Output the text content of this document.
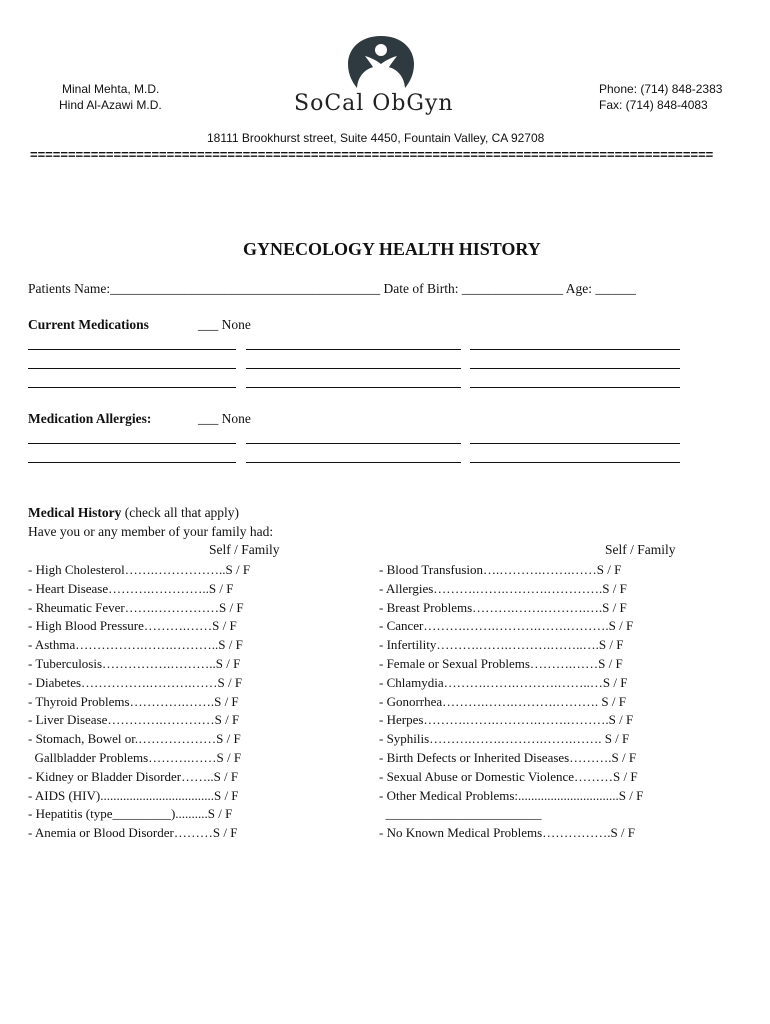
Minal Mehta, M.D.
Hind Al-Azawi M.D.
Phone: (714) 848-2383
Fax: (714) 848-4083
SoCal ObGyn
18111 Brookhurst street, Suite 4450, Fountain Valley, CA 92708
==========================================================================================
GYNECOLOGY HEALTH HISTORY
Patients Name:________________________________________ Date of Birth: _______________ Age: ______
Current Medications	___ None
Medication Allergies:	___ None
Medical History (check all that apply)
Have you or any member of your family had:
Self / Family	Self / Family
- High Cholesterol…….……………..S / F
- Heart Disease……….…………..S / F
- Rheumatic Fever…….……………S / F
- High Blood Pressure……….……S / F
- Asthma…………….…….………..S / F
- Tuberculosis…………….………..S / F
- Diabetes…………….……….……S / F
- Thyroid Problems………….…….S / F
- Liver Disease………….…………S / F
- Stomach, Bowel or.………………S / F
Gallbladder Problems……….……S / F
- Kidney or Bladder Disorder……..S / F
- AIDS (HIV)...................................S / F
- Hepatitis (type_________)..........S / F
- Anemia or Blood Disorder………S / F
- Blood Transfusion….……….…….……S / F
- Allergies……….…….……….………….S / F
- Breast Problems……….…….……….….S / F
- Cancer……….…….……….…….……….S / F
- Infertility……….…….……….……..….S / F
- Female or Sexual Problems……….……S / F
- Chlamydia……….…….……….……..…S / F
- Gonorrhea……….…….……….………. S / F
- Herpes……….…….……….…….……….S / F
- Syphilis……….…….……….…….……. S / F
- Birth Defects or Inherited Diseases……….S / F
- Sexual Abuse or Domestic Violence………S / F
- Other Medical Problems:...............................S / F
________________________
- No Known Medical Problems…………….S / F
